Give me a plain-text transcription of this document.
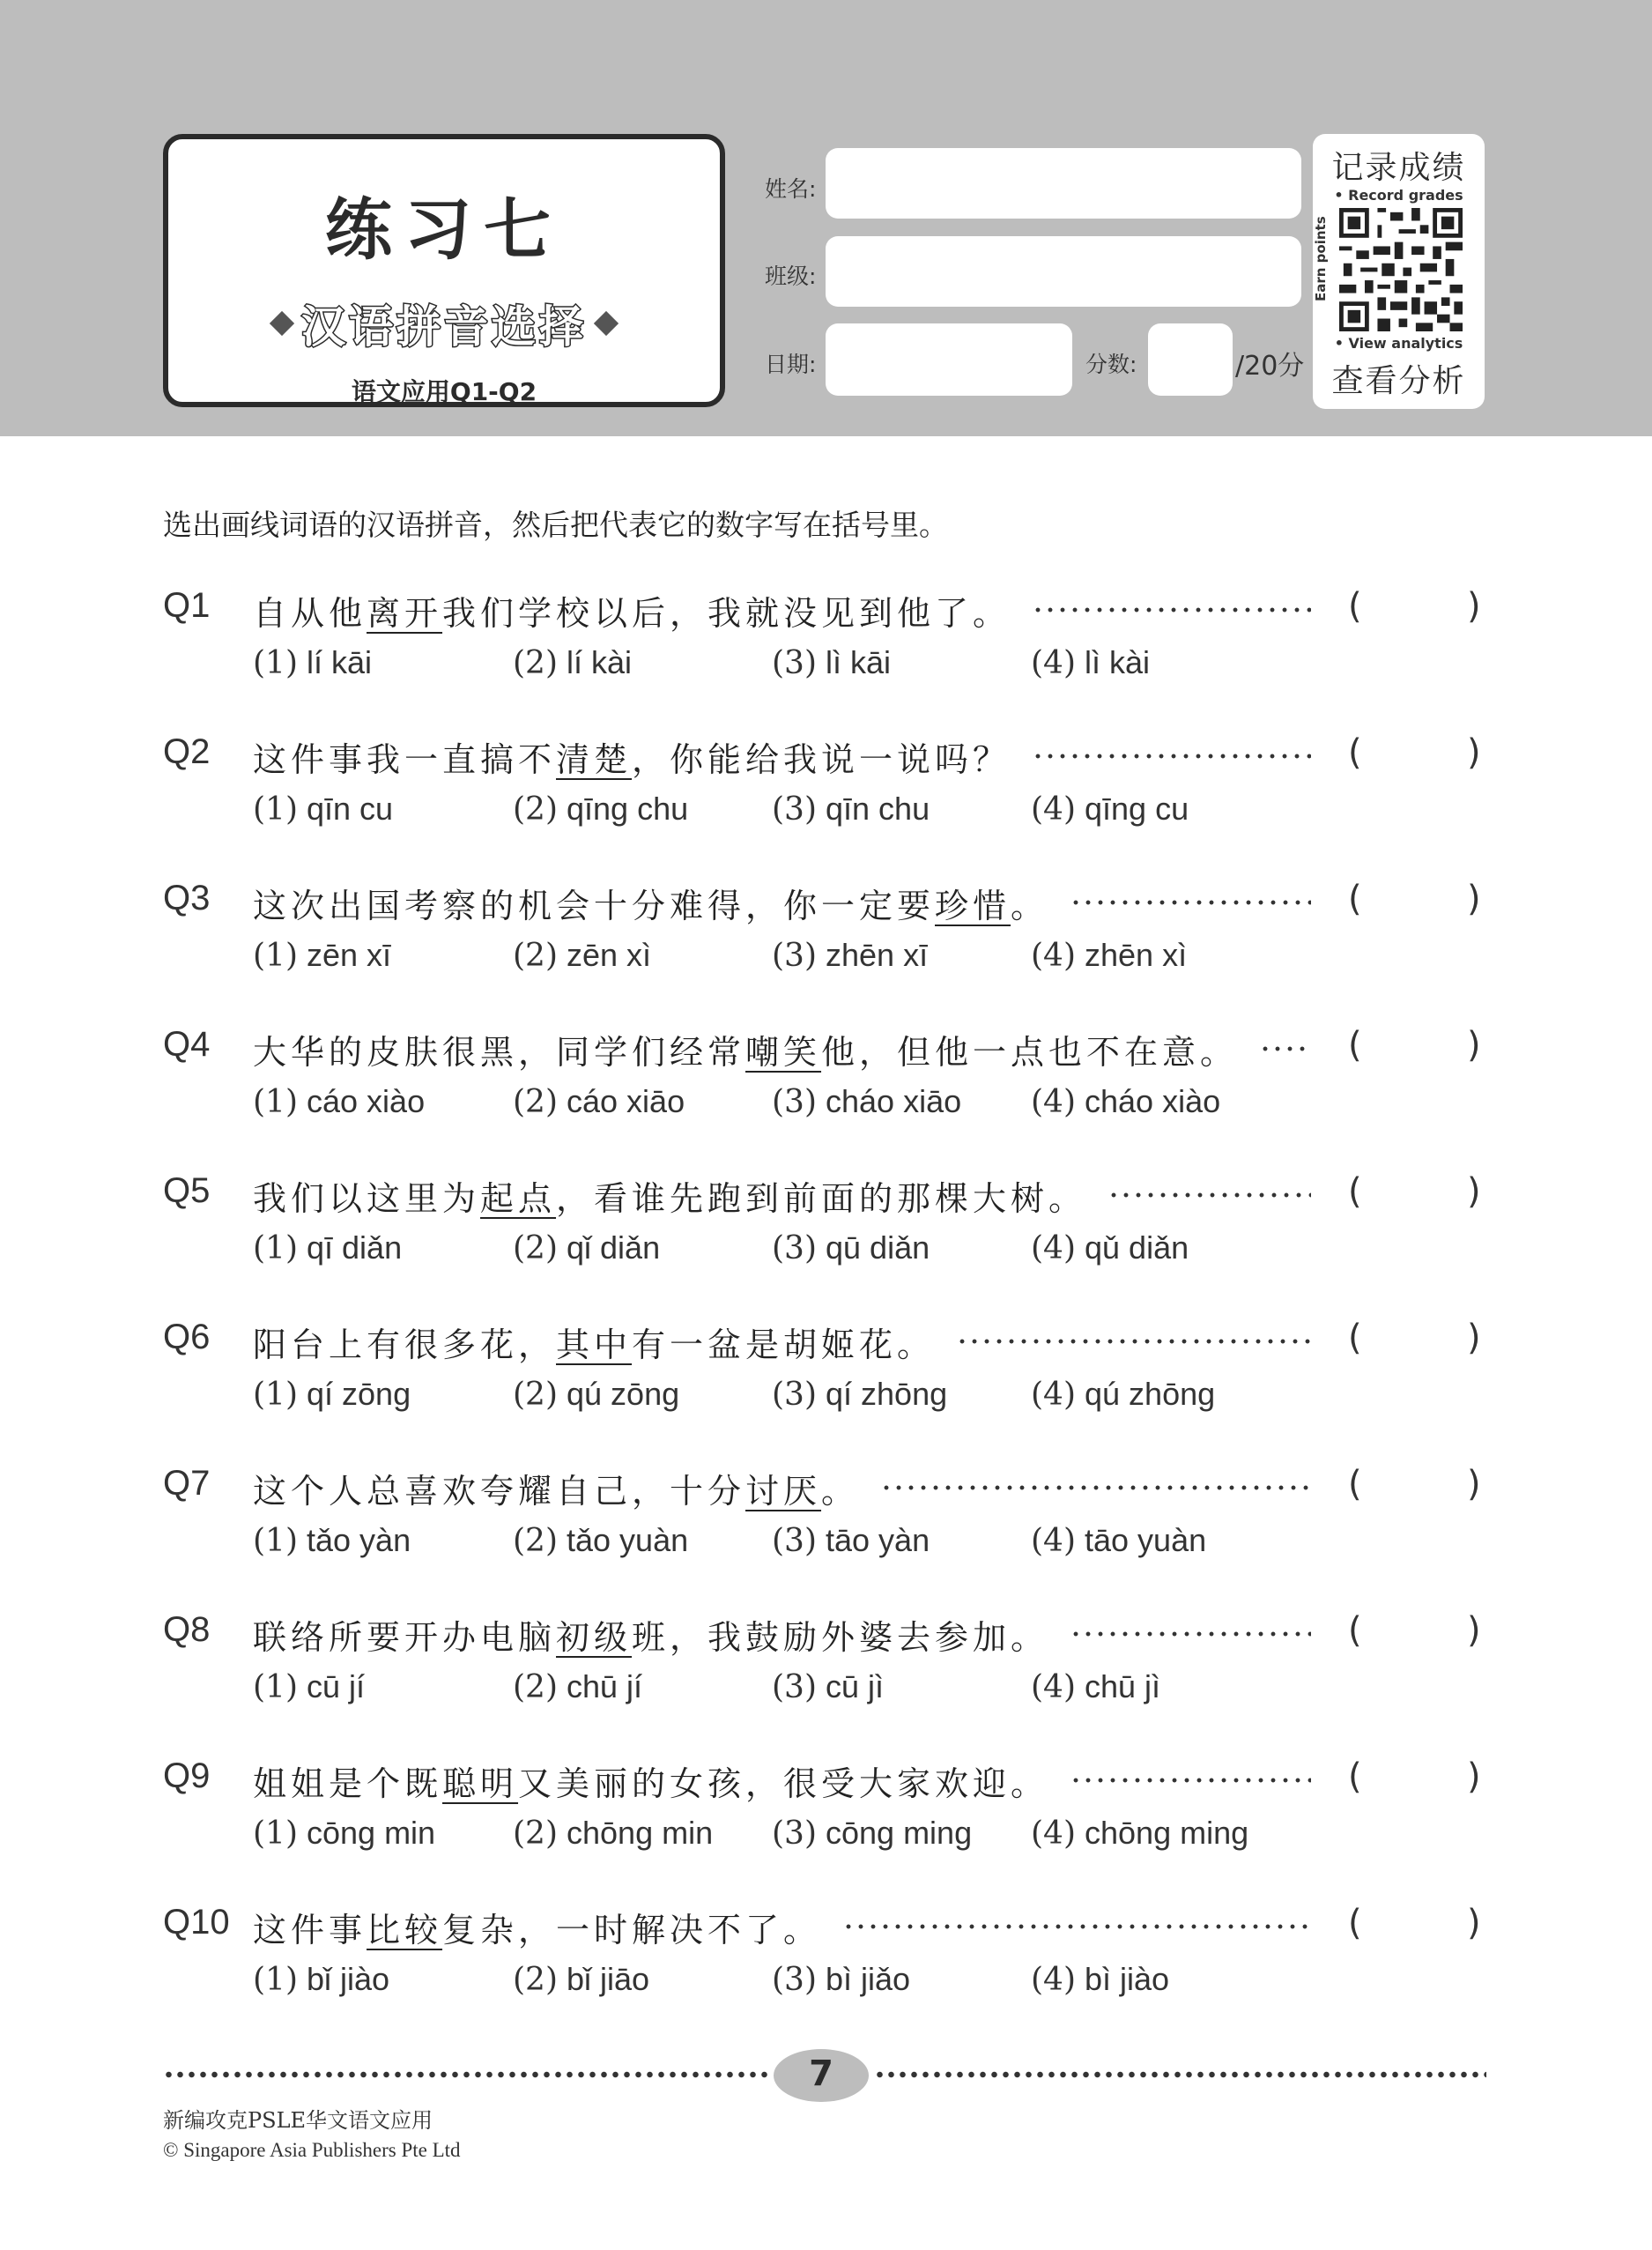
练习七
汉语拼音选择
语文应用Q1-Q2
姓名:
班级:
日期:	分数:	/20分
记录成绩
• Record grades
Earn points
• View analytics
查看分析
选出画线词语的汉语拼音，然后把代表它的数字写在括号里。
Q1 自从他离开我们学校以后，我就没见到他了。	(	)
(1) lí kāi	(2) lí kài	(3) lì kāi	(4) lì kài
Q2 这件事我一直搞不清楚，你能给我说一说吗？	(	)
(1) qīn cu	(2) qīng chu	(3) qīn chu	(4) qīng cu
Q3 这次出国考察的机会十分难得，你一定要珍惜。	(	)
(1) zēn xī	(2) zēn xì	(3) zhēn xī	(4) zhēn xì
Q4 大华的皮肤很黑，同学们经常嘲笑他，但他一点也不在意。	(	)
(1) cáo xiào	(2) cáo xiāo	(3) cháo xiāo (4) cháo xiào
Q5 我们以这里为起点，看谁先跑到前面的那棵大树。	(	)
(1) qī diǎn	(2) qǐ diǎn	(3) qū diǎn	(4) qǔ diǎn
Q6 阳台上有很多花，其中有一盆是胡姬花。	(	)
(1) qí zōng	(2) qú zōng	(3) qí zhōng	(4) qú zhōng
Q7 这个人总喜欢夸耀自己，十分讨厌。	(	)
(1) tǎo yàn	(2) tǎo yuàn	(3) tāo yàn	(4) tāo yuàn
Q8 联络所要开办电脑初级班，我鼓励外婆去参加。	(	)
(1) cū jí	(2) chū jí	(3) cū jì	(4) chū jì
Q9 姐姐是个既聪明又美丽的女孩，很受大家欢迎。	(	)
(1) cōng min (2) chōng min (3) cōng ming (4) chōng ming
Q10 这件事比较复杂，一时解决不了。	(	)
(1) bǐ jiào	(2) bǐ jiāo	(3) bì jiǎo	(4) bì jiào
7
新编攻克PSLE华文语文应用
© Singapore Asia Publishers Pte Ltd
